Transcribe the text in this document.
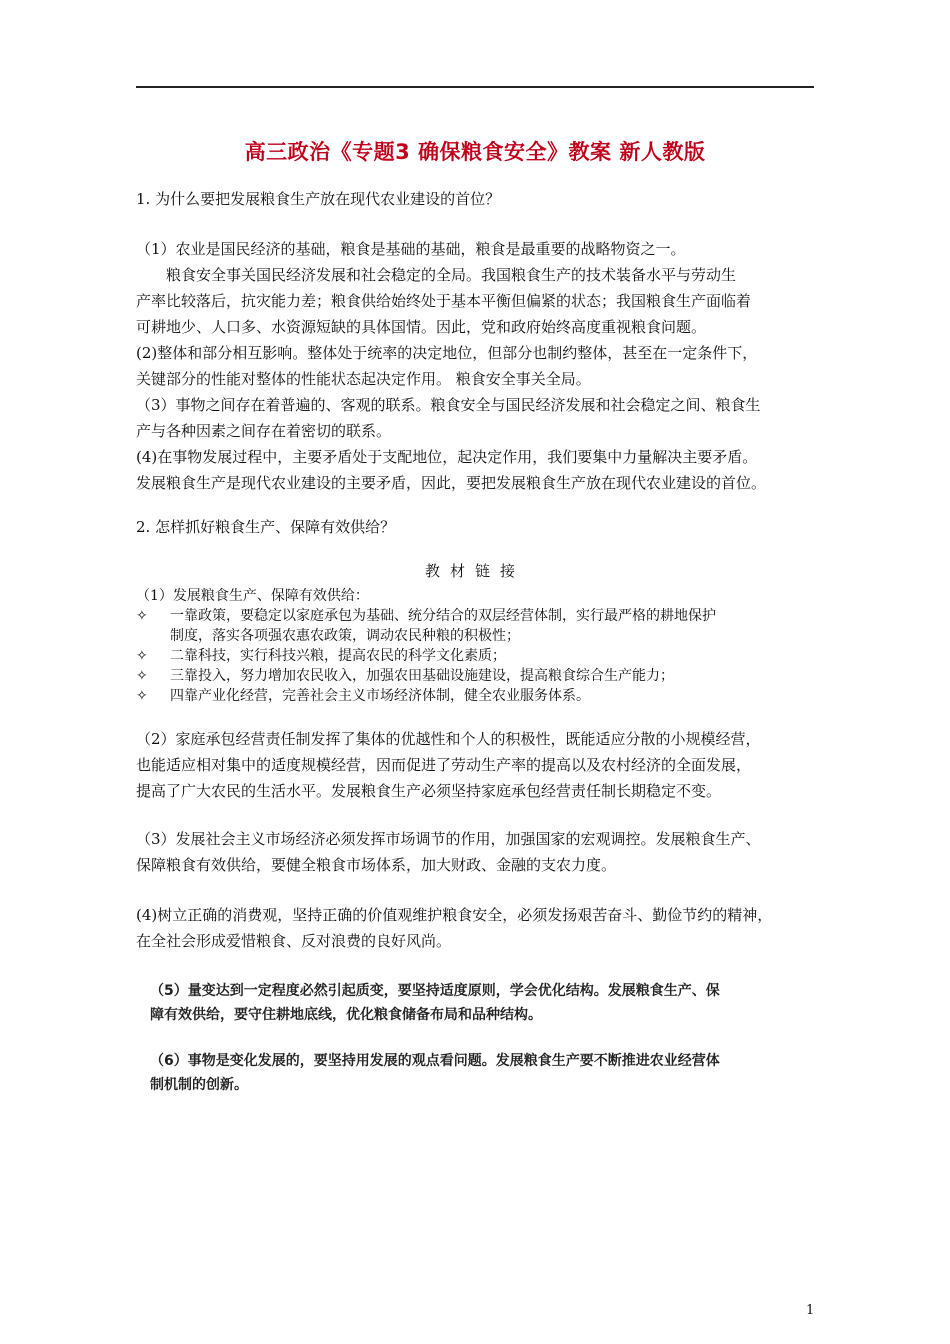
高三政治《专题3 确保粮食安全》教案 新人教版

1. 为什么要把发展粮食生产放在现代农业建设的首位？

（1）农业是国民经济的基础，粮食是基础的基础，粮食是最重要的战略物资之一。

　　粮食安全事关国民经济发展和社会稳定的全局。我国粮食生产的技术装备水平与劳动生

产率比较落后，抗灾能力差；粮食供给始终处于基本平衡但偏紧的状态；我国粮食生产面临着

可耕地少、人口多、水资源短缺的具体国情。因此，党和政府始终高度重视粮食问题。

(2)整体和部分相互影响。整体处于统率的决定地位，但部分也制约整体，甚至在一定条件下，

关键部分的性能对整体的性能状态起决定作用。 粮食安全事关全局。

（3）事物之间存在着普遍的、客观的联系。粮食安全与国民经济发展和社会稳定之间、粮食生

产与各种因素之间存在着密切的联系。

(4)在事物发展过程中，主要矛盾处于支配地位，起决定作用，我们要集中力量解决主要矛盾。

发展粮食生产是现代农业建设的主要矛盾，因此，要把发展粮食生产放在现代农业建设的首位。

2. 怎样抓好粮食生产、保障有效供给？

教材链接
（1）发展粮食生产、保障有效供给：
✧	一靠政策，要稳定以家庭承包为基础、统分结合的双层经营体制，实行最严格的耕地保护
制度，落实各项强农惠农政策，调动农民种粮的积极性；
✧	二靠科技，实行科技兴粮，提高农民的科学文化素质；
✧	三靠投入，努力增加农民收入，加强农田基础设施建设，提高粮食综合生产能力；
✧	四靠产业化经营，完善社会主义市场经济体制，健全农业服务体系。

（2）家庭承包经营责任制发挥了集体的优越性和个人的积极性，既能适应分散的小规模经营，

也能适应相对集中的适度规模经营，因而促进了劳动生产率的提高以及农村经济的全面发展，

提高了广大农民的生活水平。发展粮食生产必须坚持家庭承包经营责任制长期稳定不变。

（3）发展社会主义市场经济必须发挥市场调节的作用，加强国家的宏观调控。发展粮食生产、

保障粮食有效供给，要健全粮食市场体系，加大财政、金融的支农力度。

(4)树立正确的消费观，坚持正确的价值观维护粮食安全，必须发扬艰苦奋斗、勤俭节约的精神，

在全社会形成爱惜粮食、反对浪费的良好风尚。

（5）量变达到一定程度必然引起质变，要坚持适度原则，学会优化结构。发展粮食生产、保
障有效供给，要守住耕地底线，优化粮食储备布局和品种结构。
（6）事物是变化发展的，要坚持用发展的观点看问题。发展粮食生产要不断推进农业经营体
制机制的创新。
1
